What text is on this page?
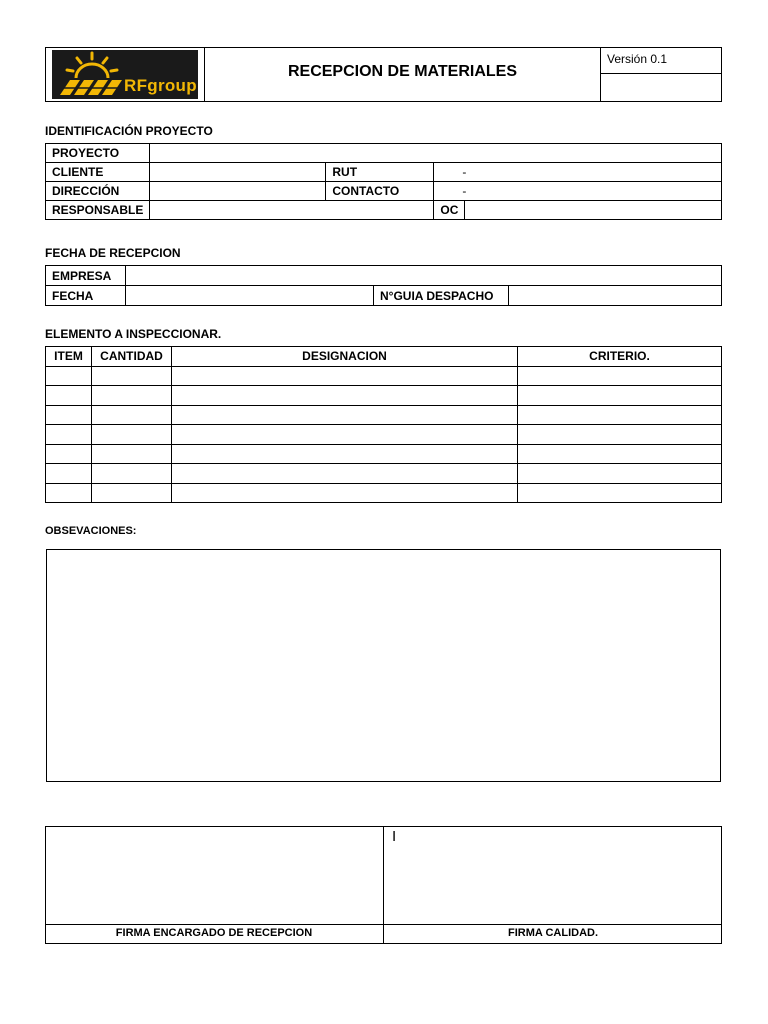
RFgroup
RECEPCION DE MATERIALES
Versión 0.1
IDENTIFICACIÓN PROYECTO
PROYECTO				
CLIENTE		RUT	-	
DIRECCIÓN		CONTACTO	-	
RESPONSABLE			OC	
FECHA DE RECEPCION
EMPRESA			
FECHA		N°GUIA DESPACHO	
ELEMENTO A INSPECCIONAR.
ITEM	CANTIDAD	DESIGNACION	CRITERIO.

OBSEVACIONES:
I
FIRMA ENCARGADO DE RECEPCION	FIRMA CALIDAD.
